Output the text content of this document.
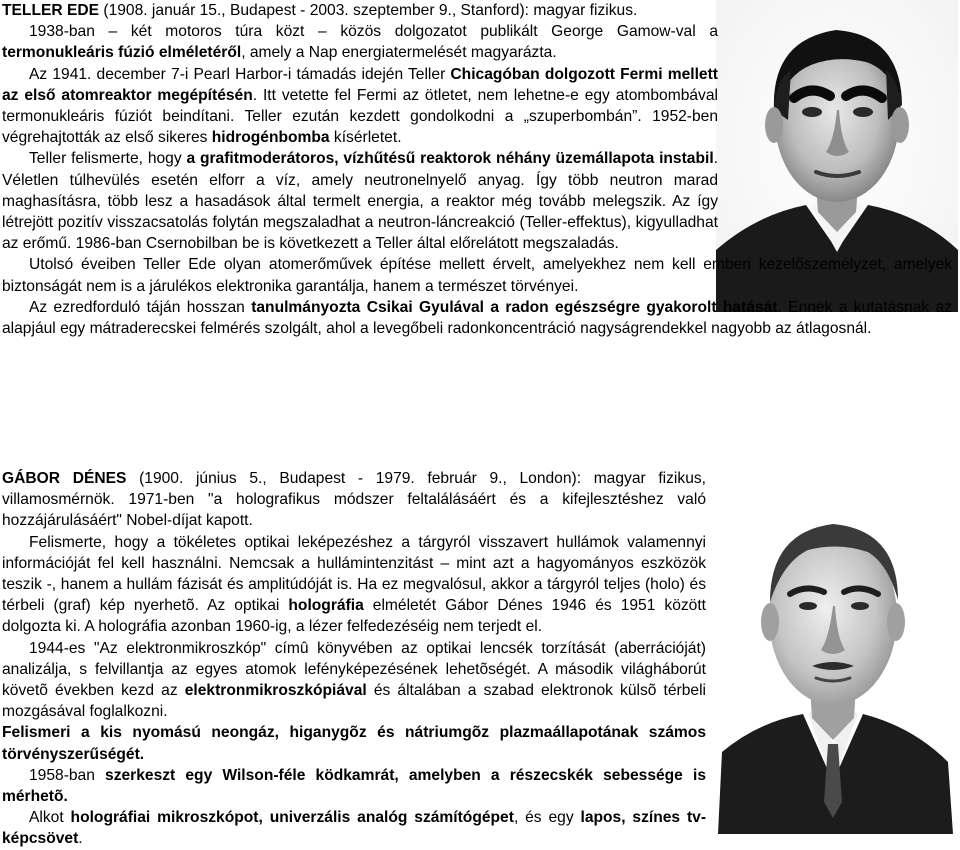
TELLER EDE (1908. január 15., Budapest - 2003. szeptember 9., Stanford): magyar fizikus.

1938-ban – két motoros túra közt – közös dolgozatot publikált George Gamow-val a termonukleáris fúzió elméletéről, amely a Nap energiatermelését magyarázta.

Az 1941. december 7-i Pearl Harbor-i támadás idején Teller Chicagóban dolgozott Fermi mellett az első atomreaktor megépítésén. Itt vetette fel Fermi az ötletet, nem lehetne-e egy atombombával termonukleáris fúziót beindítani. Teller ezután kezdett gondolkodni a „szuperbombán”. 1952-ben végrehajtották az első sikeres hidrogénbomba kísérletet.

Teller felismerte, hogy a grafitmoderátoros, vízhűtésű reaktorok néhány üzemállapota instabil. Véletlen túlhevülés esetén elforr a víz, amely neutronelnyelő anyag. Így több neutron marad maghasításra, több lesz a hasadások által termelt energia, a reaktor még tovább melegszik. Az így létrejött pozitív visszacsatolás folytán megszaladhat a neutron-láncreakció (Teller-effektus), kigyulladhat az erőmű. 1986-ban Csernobilban be is következett a Teller által előrelátott megszaladás.

Utolsó éveiben Teller Ede olyan atomerőművek építése mellett érvelt, amelyekhez nem kell emberi kezelőszemélyzet, amelyek biztonságát nem is a járulékos elektronika garantálja, hanem a természet törvényei.

Az ezredforduló táján hosszan tanulmányozta Csikai Gyulával a radon egészségre gyakorolt hatását. Ennek a kutatásnak az alapjául egy mátraderecskei felmérés szolgált, ahol a levegőbeli radonkoncentráció nagyságrendekkel nagyobb az átlagosnál.

GÁBOR DÉNES (1900. június 5., Budapest - 1979. február 9., London): magyar fizikus, villamosmérnök. 1971-ben "a holografikus módszer feltalálásáért és a kifejlesztéshez való hozzájárulásáért" Nobel-díjat kapott.

Felismerte, hogy a tökéletes optikai leképezéshez a tárgyról visszavert hullámok valamennyi információját fel kell használni. Nemcsak a hullámintenzitást – mint azt a hagyományos eszközök teszik -, hanem a hullám fázisát és amplitúdóját is. Ha ez megvalósul, akkor a tárgyról teljes (holo) és térbeli (graf) kép nyerhetõ. Az optikai holográfia elméletét Gábor Dénes 1946 és 1951 között dolgozta ki. A holográfia azonban 1960-ig, a lézer felfedezéséig nem terjedt el.

1944-es "Az elektronmikroszkóp" címû könyvében az optikai lencsék torzítását (aberrációját) analizálja, s felvillantja az egyes atomok lefényképezésének lehetõségét. A második világháborút követõ években kezd az elektronmikroszkópiával és általában a szabad elektronok külsõ térbeli mozgásával foglalkozni.

Felismeri a kis nyomású neongáz, higanygõz és nátriumgõz plazmaállapotának számos törvényszerűségét.

1958-ban szerkeszt egy Wilson-féle ködkamrát, amelyben a részecskék sebessége is mérhetõ.

Alkot holográfiai mikroszkópot, univerzális analóg számítógépet, és egy lapos, színes tv-képcsövet.
